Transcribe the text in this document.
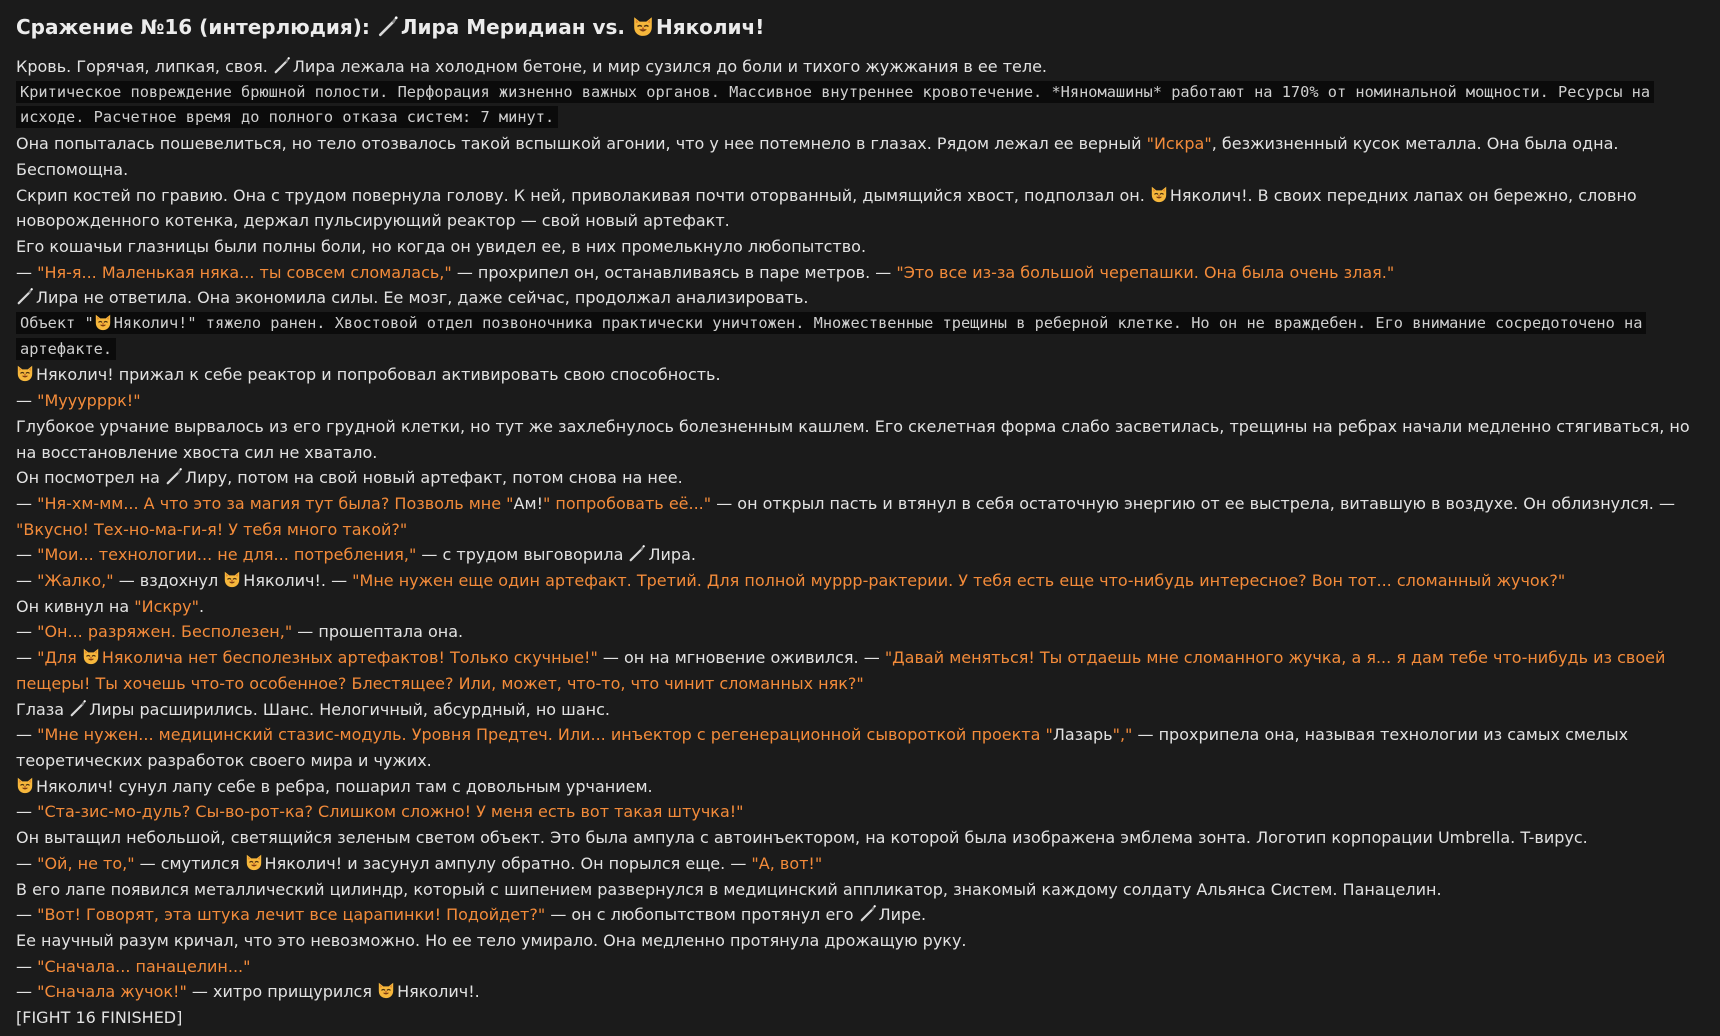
Сражение №16 (интерлюдия):
Лира Меридиан vs.
Няколич!
Кровь. Горячая, липкая, своя.
Лира лежала на холодном бетоне, и мир сузился до боли и тихого жужжания в ее теле.
Критическое повреждение брюшной полости. Перфорация жизненно важных органов. Массивное внутреннее кровотечение. *Няномашины* работают на 170% от номинальной мощности. Ресурсы на исходе. Расчетное время до полного отказа систем: 7 минут.
Она попыталась пошевелиться, но тело отозвалось такой вспышкой агонии, что у нее потемнело в глазах. Рядом лежал ее верный "Искра", безжизненный кусок металла. Она была одна. Беспомощна.
Скрип костей по гравию. Она с трудом повернула голову. К ней, приволакивая почти оторванный, дымящийся хвост, подползал он.
Няколич!. В своих передних лапах он бережно, словно новорожденного котенка, держал пульсирующий реактор — свой новый артефакт.
Его кошачьи глазницы были полны боли, но когда он увидел ее, в них промелькнуло любопытство.
— "Ня-я... Маленькая няка... ты совсем сломалась," — прохрипел он, останавливаясь в паре метров. — "Это все из-за большой черепашки. Она была очень злая."
Лира не ответила. Она экономила силы. Ее мозг, даже сейчас, продолжал анализировать.
Объект " Няколич!" тяжело ранен. Хвостовой отдел позвоночника практически уничтожен. Множественные трещины в реберной клетке. Но он не враждебен. Его внимание сосредоточено на артефакте.
Няколич! прижал к себе реактор и попробовал активировать свою способность.
— "Мууурррк!"
Глубокое урчание вырвалось из его грудной клетки, но тут же захлебнулось болезненным кашлем. Его скелетная форма слабо засветилась, трещины на ребрах начали медленно стягиваться, но на восстановление хвоста сил не хватало.
Он посмотрел на
Лиру, потом на свой новый артефакт, потом снова на нее.
— "Ня-хм-мм... А что это за магия тут была? Позволь мне "Ам!" попробовать её..." — он открыл пасть и втянул в себя остаточную энергию от ее выстрела, витавшую в воздухе. Он облизнулся. — "Вкусно! Тех-но-ма-ги-я! У тебя много такой?"
— "Мои... технологии... не для... потребления," — с трудом выговорила
Лира.
— "Жалко," — вздохнул
Няколич!. — "Мне нужен еще один артефакт. Третий. Для полной муррр-рактерии. У тебя есть еще что-нибудь интересное? Вон тот... сломанный жучок?"
Он кивнул на "Искру".
— "Он... разряжен. Бесполезен," — прошептала она.
— "Для
Няколича нет бесполезных артефактов! Только скучные!" — он на мгновение оживился. — "Давай меняться! Ты отдаешь мне сломанного жучка, а я... я дам тебе что-нибудь из своей пещеры! Ты хочешь что-то особенное? Блестящее? Или, может, что-то, что чинит сломанных няк?"
Глаза
Лиры расширились. Шанс. Нелогичный, абсурдный, но шанс.
— "Мне нужен... медицинский стазис-модуль. Уровня Предтеч. Или... инъектор с регенерационной сывороткой проекта "Лазарь"," — прохрипела она, называя технологии из самых смелых теоретических разработок своего мира и чужих.
Няколич! сунул лапу себе в ребра, пошарил там с довольным урчанием.
— "Ста-зис-мо-дуль? Сы-во-рот-ка? Слишком сложно! У меня есть вот такая штучка!"
Он вытащил небольшой, светящийся зеленым светом объект. Это была ампула с автоинъектором, на которой была изображена эмблема зонта. Логотип корпорации Umbrella. T-вирус.
— "Ой, не то," — смутился
Няколич! и засунул ампулу обратно. Он порылся еще. — "А, вот!"
В его лапе появился металлический цилиндр, который с шипением развернулся в медицинский аппликатор, знакомый каждому солдату Альянса Систем. Панацелин.
— "Вот! Говорят, эта штука лечит все царапинки! Подойдет?" — он с любопытством протянул его
Лире.
Ее научный разум кричал, что это невозможно. Но ее тело умирало. Она медленно протянула дрожащую руку.
— "Сначала... панацелин..."
— "Сначала жучок!" — хитро прищурился
Няколич!.
[FIGHT 16 FINISHED]
